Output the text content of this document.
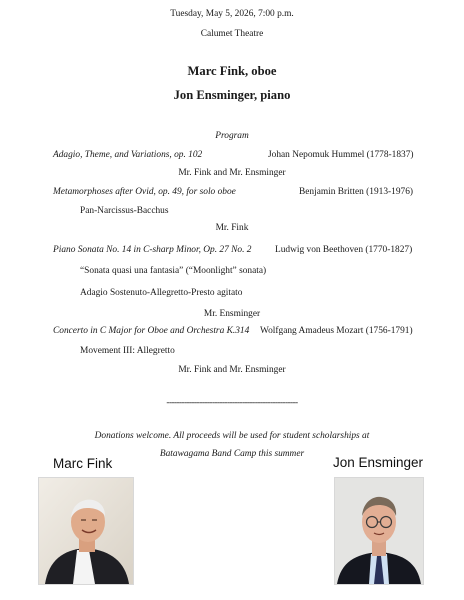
Tuesday, May 5, 2026, 7:00 p.m.
Calumet Theatre
Marc Fink, oboe
Jon Ensminger, piano
Program
Adagio, Theme, and Variations, op. 102	Johan Nepomuk Hummel (1778-1837)
Mr. Fink and Mr. Ensminger
Metamorphoses after Ovid, op. 49, for solo oboe	Benjamin Britten (1913-1976)
Pan-Narcissus-Bacchus
Mr. Fink
Piano Sonata No. 14 in C-sharp Minor, Op. 27 No. 2	Ludwig von Beethoven (1770-1827)
“Sonata quasi una fantasia” (“Moonlight” sonata)
Adagio Sostenuto-Allegretto-Presto agitato
Mr. Ensminger
Concerto in C Major for Oboe and Orchestra K.314 Wolfgang Amadeus Mozart (1756-1791)
Movement III: Allegretto
Mr. Fink and Mr. Ensminger
----------------------------------------------------
Donations welcome. All proceeds will be used for student scholarships at
Batawagama Band Camp this summer
Marc Fink	Jon Ensminger
